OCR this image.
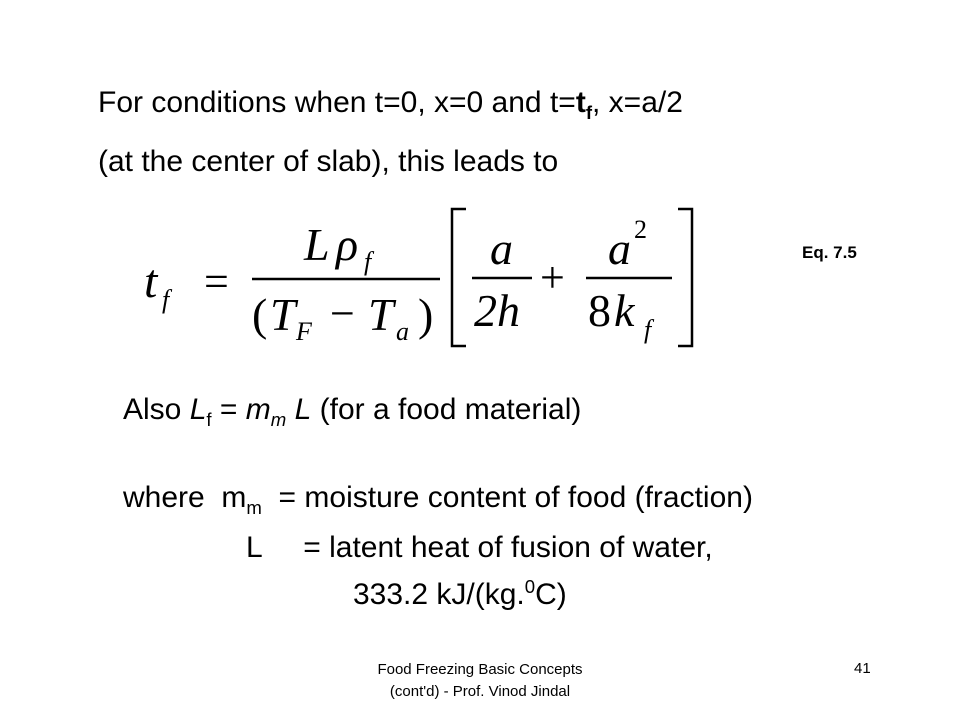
For conditions when t=0, x=0 and $t=t_f$, x=a/2
(at the center of slab), this leads to
Eq. 7.5
t f =
L ρ f
( T F − T a )
a
2h
+
a 2
8 k f
Also $L_f = m_m$ L (for a food material)
where  $m_m$  = moisture content of food (fraction)
L     = latent heat of fusion of water,
333.2 kJ/(kg.$^0$C)
Food Freezing Basic Concepts
(cont'd) - Prof. Vinod Jindal
41
